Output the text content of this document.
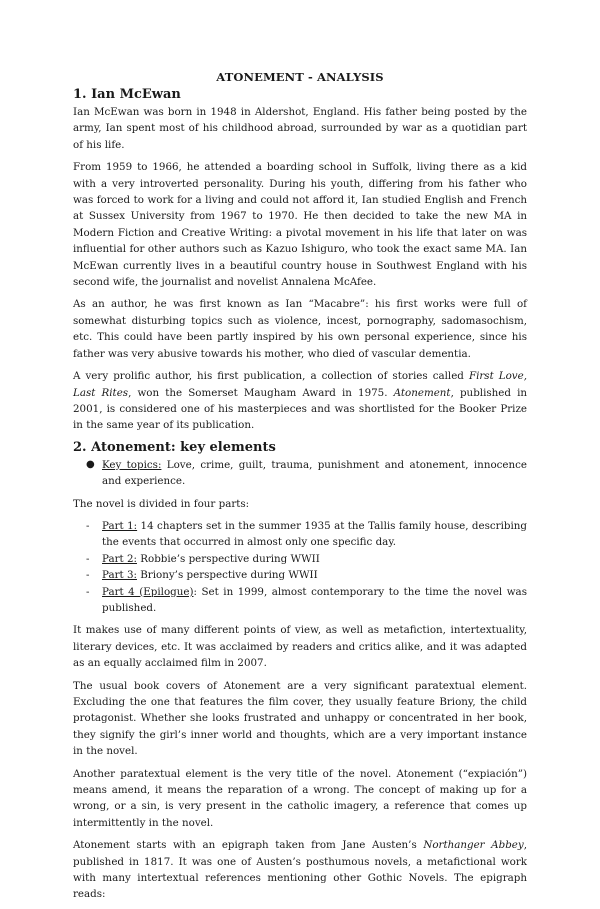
ATONEMENT - ANALYSIS
1. Ian McEwan

Ian McEwan was born in 1948 in Aldershot, England. His father being posted by the army, Ian spent most of his childhood abroad, surrounded by war as a quotidian part of his life.

From 1959 to 1966, he attended a boarding school in Suffolk, living there as a kid with a very introverted personality. During his youth, differing from his father who was forced to work for a living and could not afford it, Ian studied English and French at Sussex University from 1967 to 1970. He then decided to take the new MA in Modern Fiction and Creative Writing: a pivotal movement in his life that later on was influential for other authors such as Kazuo Ishiguro, who took the exact same MA. Ian McEwan currently lives in a beautiful country house in Southwest England with his second wife, the journalist and novelist Annalena McAfee.

As an author, he was first known as Ian “Macabre”: his first works were full of somewhat disturbing topics such as violence, incest, pornography, sadomasochism, etc. This could have been partly inspired by his own personal experience, since his father was very abusive towards his mother, who died of vascular dementia.

A very prolific author, his first publication, a collection of stories called First Love, Last Rites, won the Somerset Maugham Award in 1975. Atonement, published in 2001, is considered one of his masterpieces and was shortlisted for the Booker Prize in the same year of its publication.

2. Atonement: key elements
● Key topics: Love, crime, guilt, trauma, punishment and atonement, innocence and experience.

The novel is divided in four parts:

- Part 1: 14 chapters set in the summer 1935 at the Tallis family house, describing the events that occurred in almost only one specific day.
- Part 2: Robbie’s perspective during WWII
- Part 3: Briony’s perspective during WWII
- Part 4 (Epilogue): Set in 1999, almost contemporary to the time the novel was published.

It makes use of many different points of view, as well as metafiction, intertextuality, literary devices, etc. It was acclaimed by readers and critics alike, and it was adapted as an equally acclaimed film in 2007.

The usual book covers of Atonement are a very significant paratextual element. Excluding the one that features the film cover, they usually feature Briony, the child protagonist. Whether she looks frustrated and unhappy or concentrated in her book, they signify the girl’s inner world and thoughts, which are a very important instance in the novel.

Another paratextual element is the very title of the novel. Atonement (“expiación”) means amend, it means the reparation of a wrong. The concept of making up for a wrong, or a sin, is very present in the catholic imagery, a reference that comes up intermittently in the novel.

Atonement starts with an epigraph taken from Jane Austen’s Northanger Abbey, published in 1817. It was one of Austen’s posthumous novels, a metafictional work with many intertextual references mentioning other Gothic Novels. The epigraph reads:
